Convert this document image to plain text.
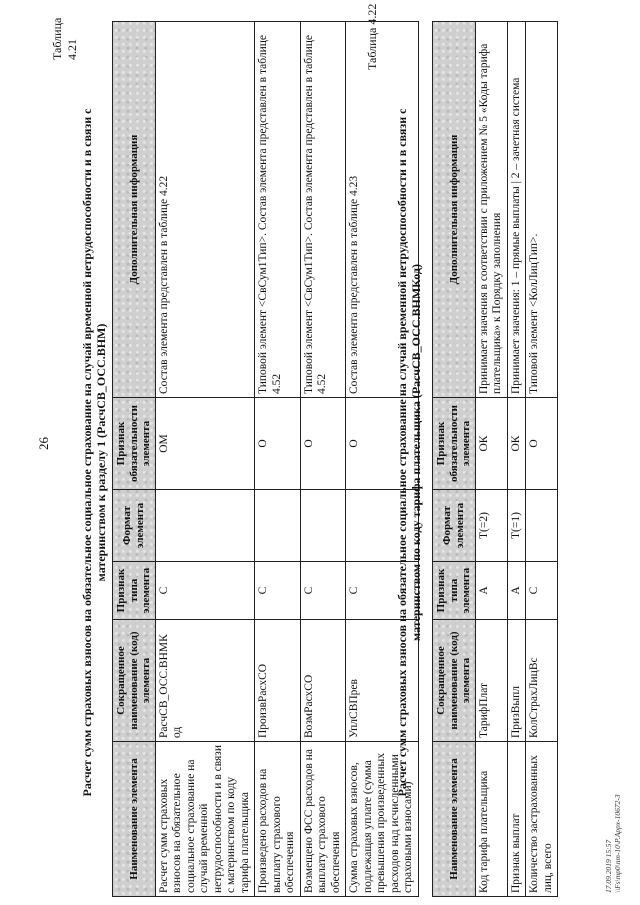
26
Таблица 4.21
Расчет сумм страховых взносов на обязательное социальное страхование на случай временной нетрудоспособности и в связи с материнством к разделу 1 (РасчСВ_ОСС.ВНМ)
Наименование элемента	Сокращенное наименование (код) элемента	Признак типа элемента	Формат элемента	Признак обязательности элемента	Дополнительная информация
Расчет сумм страховых взносов на обязательное социальное страхование на случай временной нетрудоспособности и в связи с материнством по коду тарифа плательщика	РасчСВ_ОСС.ВНМК од	С		ОМ	Состав элемента представлен в таблице 4.22
Произведено расходов на выплату страхового обеспечения	ПроизвРасхСО	С		О	Типовой элемент <СвСум1Тип>. Состав элемента представлен в таблице 4.52
Возмещено ФСС расходов на выплату страхового обеспечения	ВозмРасхСО	С		О	Типовой элемент <СвСум1Тип>. Состав элемента представлен в таблице 4.52
Сумма страховых взносов, подлежащая уплате (сумма превышения произведенных расходов над исчисленными страховыми взносами)	УплСВПрев	С		О	Состав элемента представлен в таблице 4.23
Таблица 4.22
Расчет сумм страховых взносов на обязательное социальное страхование на случай временной нетрудоспособности и в связи с материнством по коду тарифа плательщика (РасчСВ_ОСС.ВНМКод)
Наименование элемента	Сокращенное наименование (код) элемента	Признак типа элемента	Формат элемента	Признак обязательности элемента	Дополнительная информация
Код тарифа плательщика	ТарифПлат	А	T(=2)	ОК	Принимает значения в соответствии с приложением № 5 «Коды тарифа плательщика» к Порядку заполнения
Признак выплат	ПризВыпл	А	T(=1)	ОК	Принимает значения: 1 – прямые выплаты | 2 – зачетная система
Количество застрахованных лиц, всего	КолСтрахЛицВс	С		О	Типовой элемент <КолЛицТип>.
17.09.2019 15:57 \\Fs\mp0\пт-10\Р.Appx-10672-3
